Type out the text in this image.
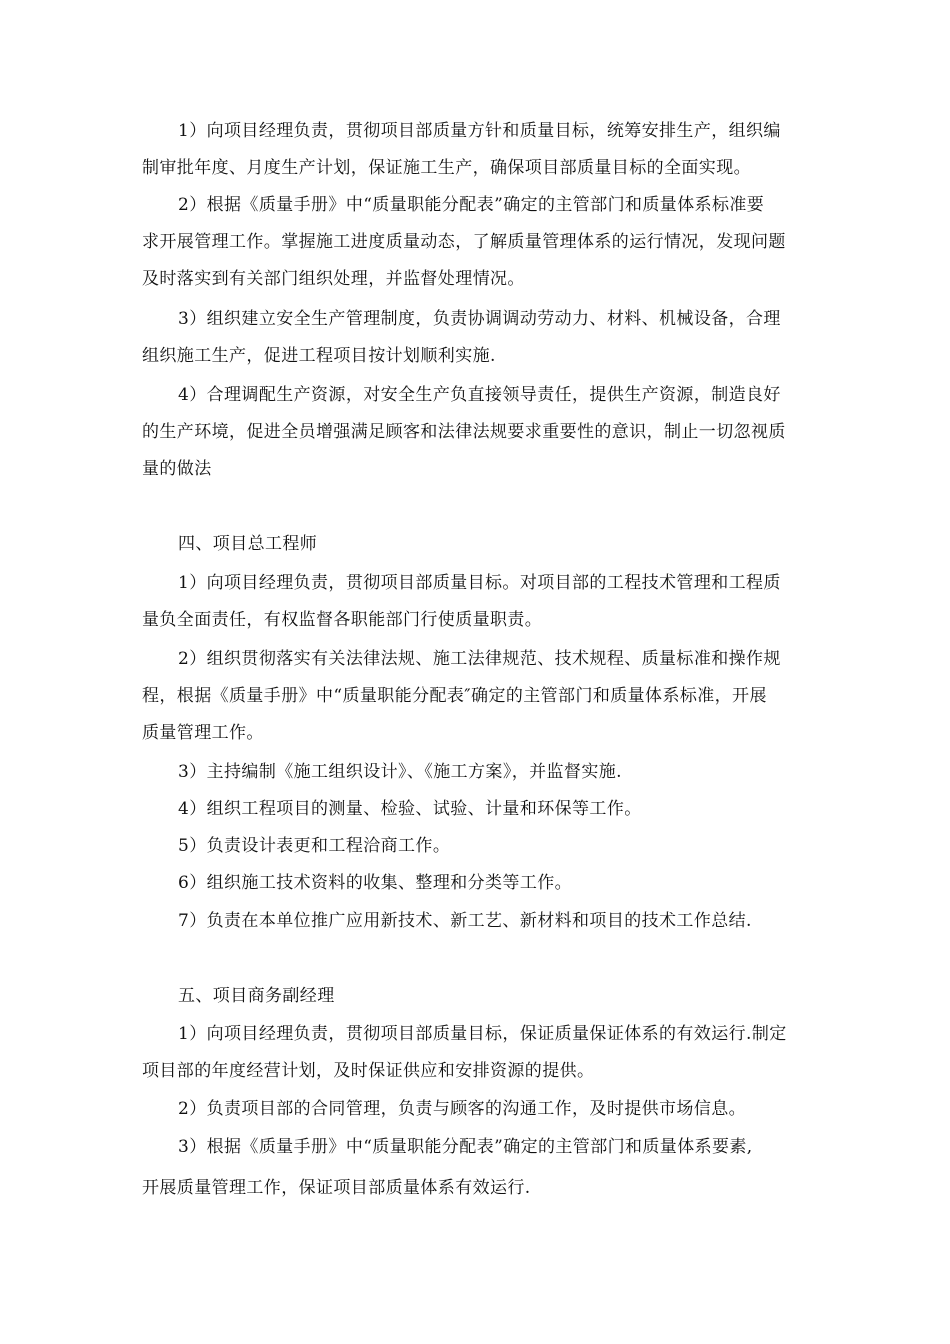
1）向项目经理负责，贯彻项目部质量方针和质量目标，统筹安排生产，组织编
制审批年度、月度生产计划，保证施工生产，确保项目部质量目标的全面实现。
2）根据《质量手册》中“质量职能分配表”确定的主管部门和质量体系标准要
求开展管理工作。掌握施工进度质量动态，了解质量管理体系的运行情况，发现问题
及时落实到有关部门组织处理，并监督处理情况。
3）组织建立安全生产管理制度，负责协调调动劳动力、材料、机械设备，合理
组织施工生产，促进工程项目按计划顺利实施.
4）合理调配生产资源，对安全生产负直接领导责任，提供生产资源，制造良好
的生产环境，促进全员增强满足顾客和法律法规要求重要性的意识，制止一切忽视质
量的做法
四、项目总工程师
1）向项目经理负责，贯彻项目部质量目标。对项目部的工程技术管理和工程质
量负全面责任，有权监督各职能部门行使质量职责。
2）组织贯彻落实有关法律法规、施工法律规范、技术规程、质量标准和操作规
程，根据《质量手册》中“质量职能分配表″确定的主管部门和质量体系标准，开展
质量管理工作。
3）主持编制《施工组织设计》、《施工方案》，并监督实施.
4）组织工程项目的测量、检验、试验、计量和环保等工作。
5）负责设计表更和工程洽商工作。
6）组织施工技术资料的收集、整理和分类等工作。
7）负责在本单位推广应用新技术、新工艺、新材料和项目的技术工作总结.
五、项目商务副经理
1）向项目经理负责，贯彻项目部质量目标，保证质量保证体系的有效运行.制定
项目部的年度经营计划，及时保证供应和安排资源的提供。
2）负责项目部的合同管理，负责与顾客的沟通工作，及时提供市场信息。
3）根据《质量手册》中“质量职能分配表”确定的主管部门和质量体系要素,
开展质量管理工作，保证项目部质量体系有效运行.
